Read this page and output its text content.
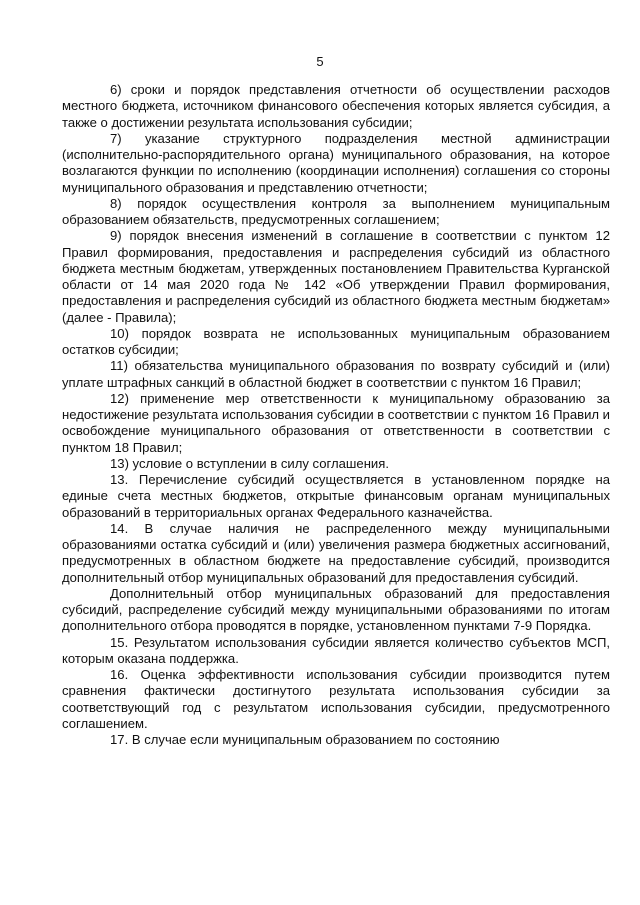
5

6) сроки и порядок представления отчетности об осуществлении расходов местного бюджета, источником финансового обеспечения которых является субсидия, а также о достижении результата использования субсидии;

7) указание структурного подразделения местной администрации (исполнительно-распорядительного органа) муниципального образования, на которое возлагаются функции по исполнению (координации исполнения) соглашения со стороны муниципального образования и представлению отчетности;

8) порядок осуществления контроля за выполнением муниципальным образованием обязательств, предусмотренных соглашением;

9) порядок внесения изменений в соглашение в соответствии с пунктом 12 Правил формирования, предоставления и распределения субсидий из областного бюджета местным бюджетам, утвержденных постановлением Правительства Курганской области от 14 мая 2020 года № 142 «Об утверждении Правил формирования, предоставления и распределения субсидий из областного бюджета местным бюджетам» (далее - Правила);

10) порядок возврата не использованных муниципальным образованием остатков субсидии;

11) обязательства муниципального образования по возврату субсидий и (или) уплате штрафных санкций в областной бюджет в соответствии с пунктом 16 Правил;

12) применение мер ответственности к муниципальному образованию за недостижение результата использования субсидии в соответствии с пунктом 16 Правил и освобождение муниципального образования от ответственности в соответствии с пунктом 18 Правил;

13) условие о вступлении в силу соглашения.

13. Перечисление субсидий осуществляется в установленном порядке на единые счета местных бюджетов, открытые финансовым органам муниципальных образований в территориальных органах Федерального казначейства.

14. В случае наличия не распределенного между муниципальными образованиями остатка субсидий и (или) увеличения размера бюджетных ассигнований, предусмотренных в областном бюджете на предоставление субсидий, производится дополнительный отбор муниципальных образований для предоставления субсидий.

Дополнительный отбор муниципальных образований для предоставления субсидий, распределение субсидий между муниципальными образованиями по итогам дополнительного отбора проводятся в порядке, установленном пунктами 7-9 Порядка.

15. Результатом использования субсидии является количество субъектов МСП, которым оказана поддержка.

16. Оценка эффективности использования субсидии производится путем сравнения фактически достигнутого результата использования субсидии за соответствующий год с результатом использования субсидии, предусмотренного соглашением.

17. В случае если муниципальным образованием по состоянию
